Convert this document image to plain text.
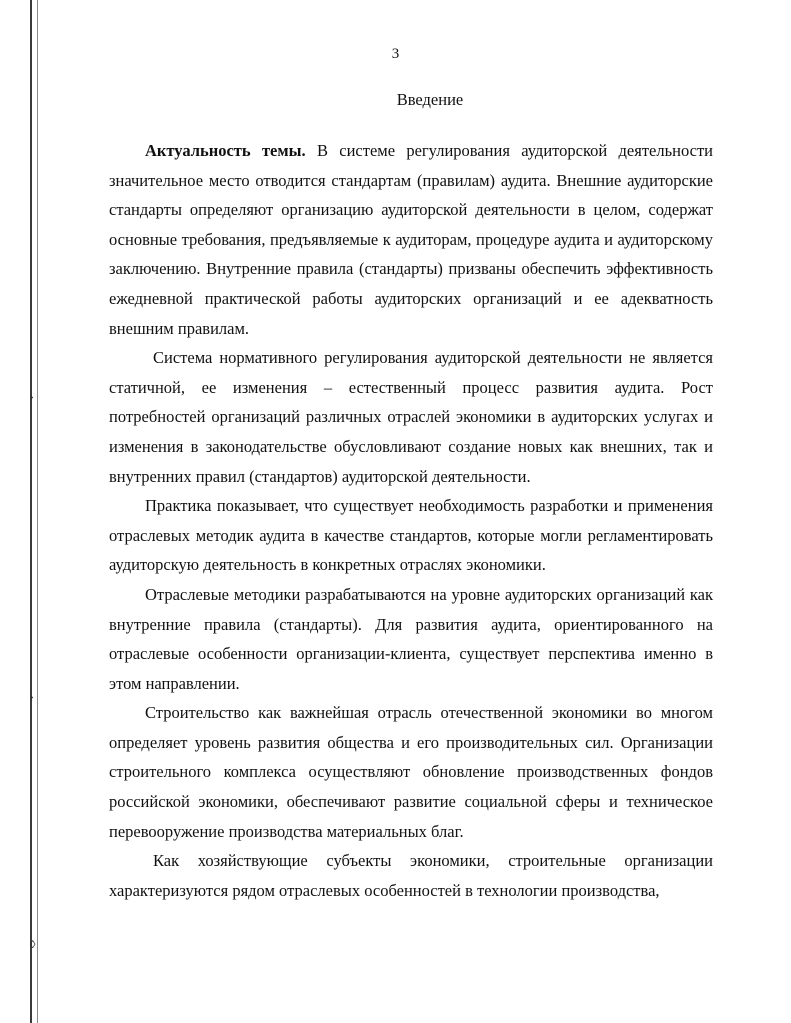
›
›
◊
3
Введение

Актуальность темы. В системе регулирования аудиторской деятельности значительное место отводится стандартам (правилам) аудита. Внешние аудиторские стандарты определяют организацию аудиторской деятельности в целом, содержат основные требования, предъявляемые к аудиторам, процедуре аудита и аудиторскому заключению. Внутренние правила (стандарты) призваны обеспечить эффективность ежедневной практической работы аудиторских организаций и ее адекватность внешним правилам.

Система нормативного регулирования аудиторской деятельности не является статичной, ее изменения – естественный процесс развития аудита. Рост потребностей организаций различных отраслей экономики в аудиторских услугах и изменения в законодательстве обусловливают создание новых как внешних, так и внутренних правил (стандартов) аудиторской деятельности.

Практика показывает, что существует необходимость разработки и применения отраслевых методик аудита в качестве стандартов, которые могли регламентировать аудиторскую деятельность в конкретных отраслях экономики.

Отраслевые методики разрабатываются на уровне аудиторских организаций как внутренние правила (стандарты). Для развития аудита, ориентированного на отраслевые особенности организации-клиента, существует перспектива именно в этом направлении.

Строительство как важнейшая отрасль отечественной экономики во многом определяет уровень развития общества и его производительных сил. Организации строительного комплекса осуществляют обновление производственных фондов российской экономики, обеспечивают развитие социальной сферы и техническое перевооружение производства материальных благ.

Как хозяйствующие субъекты экономики, строительные организации характеризуются рядом отраслевых особенностей в технологии производства,
